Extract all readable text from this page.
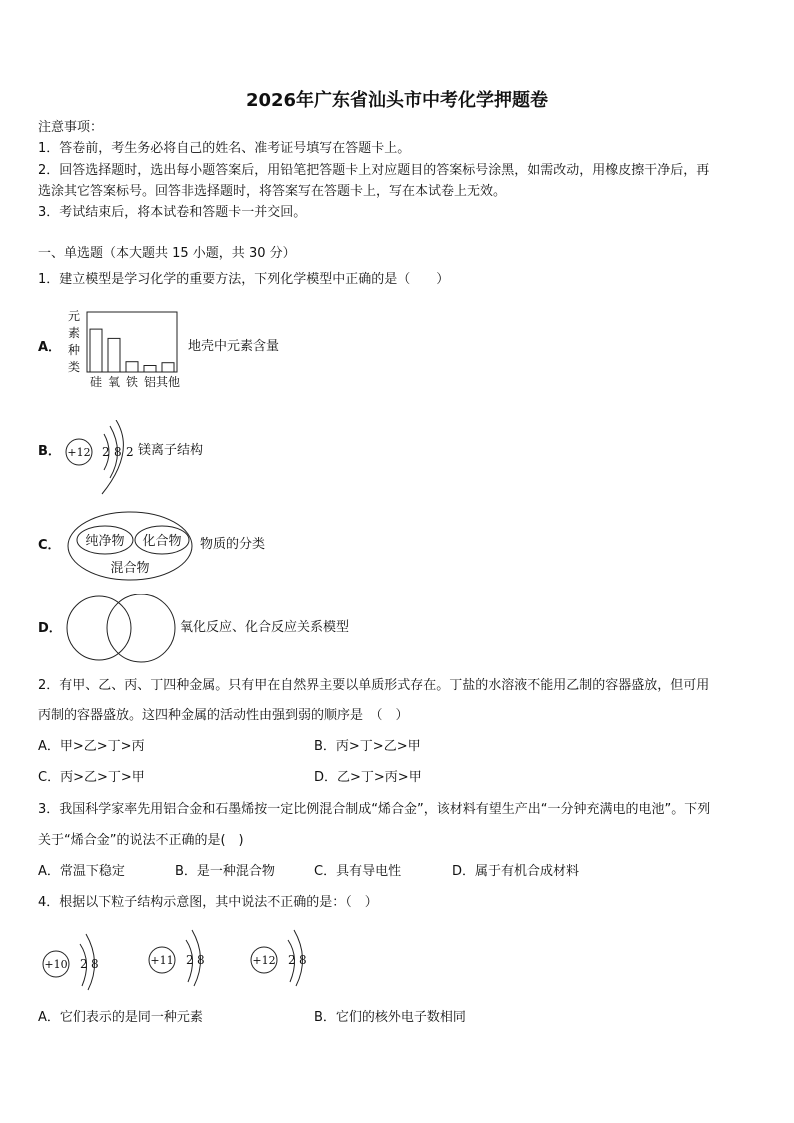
2026年广东省汕头市中考化学押题卷
注意事项：
1．答卷前，考生务必将自己的姓名、准考证号填写在答题卡上。
2．回答选择题时，选出每小题答案后，用铅笔把答题卡上对应题目的答案标号涂黑，如需改动，用橡皮擦干净后，再
选涂其它答案标号。回答非选择题时，将答案写在答题卡上，写在本试卷上无效。
3．考试结束后，将本试卷和答题卡一并交回。
一、单选题（本大题共 15 小题，共 30 分）
1．建立模型是学习化学的重要方法，下列化学模型中正确的是（　　）
A．
元
素
种
类
硅 氧 铁 铝 其他
地壳中元素含量
B． +12 2 8 2 镁离子结构
C． 纯净物 化合物
混合物
物质的分类
D．	氧化反应、化合反应关系模型
2．有甲、乙、丙、丁四种金属。只有甲在自然界主要以单质形式存在。丁盐的水溶液不能用乙制的容器盛放，但可用
丙制的容器盛放。这四种金属的活动性由强到弱的顺序是　（　）
A．甲>乙>丁>丙	B．丙>丁>乙>甲
C．丙>乙>丁>甲	D．乙>丁>丙>甲
3．我国科学家率先用铝合金和石墨烯按一定比例混合制成“烯合金”，该材料有望生产出“一分钟充满电的电池”。下列
关于“烯合金”的说法不正确的是(　)
A．常温下稳定	B．是一种混合物	C．具有导电性	D．属于有机合成材料
4．根据以下粒子结构示意图，其中说法不正确的是：（　）
+10 2 8	+11 2 8	+12 2 8
A．它们表示的是同一种元素	B．它们的核外电子数相同
